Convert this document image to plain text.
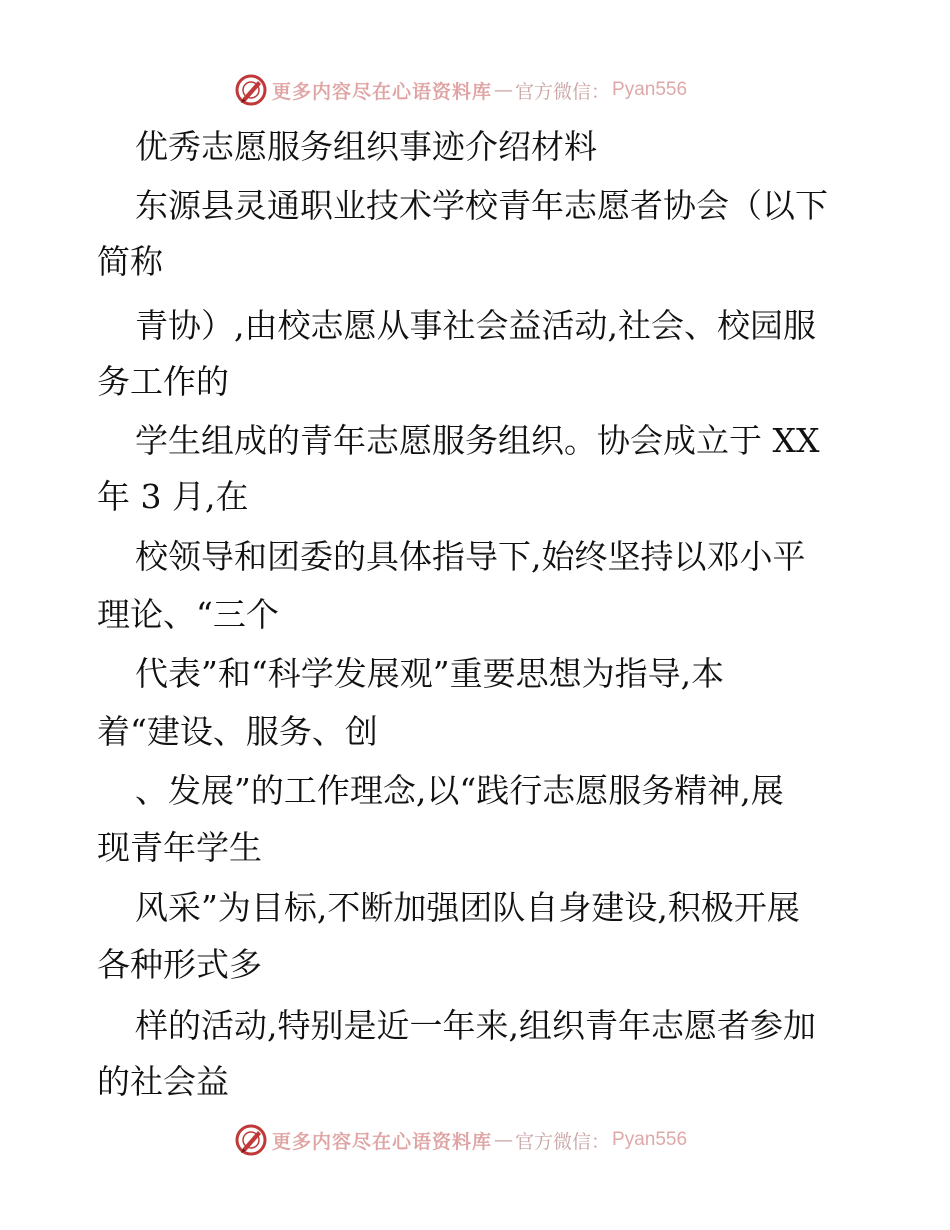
更多内容尽在心语资料库 — 官方微信： Pyan556
优秀志愿服务组织事迹介绍材料
东源县灵通职业技术学校青年志愿者协会（以下
简称
青协）,由校志愿从事社会益活动,社会、校园服
务工作的
学生组成的青年志愿服务组织。协会成立于 XX
年 3 月,在
校领导和团委的具体指导下,始终坚持以邓小平
理论、“三个
代表”和“科学发展观”重要思想为指导,本
着“建设、服务、创
、发展”的工作理念,以“践行志愿服务精神,展
现青年学生
风采”为目标,不断加强团队自身建设,积极开展
各种形式多
样的活动,特别是近一年来,组织青年志愿者参加
的社会益
更多内容尽在心语资料库 — 官方微信： Pyan556
